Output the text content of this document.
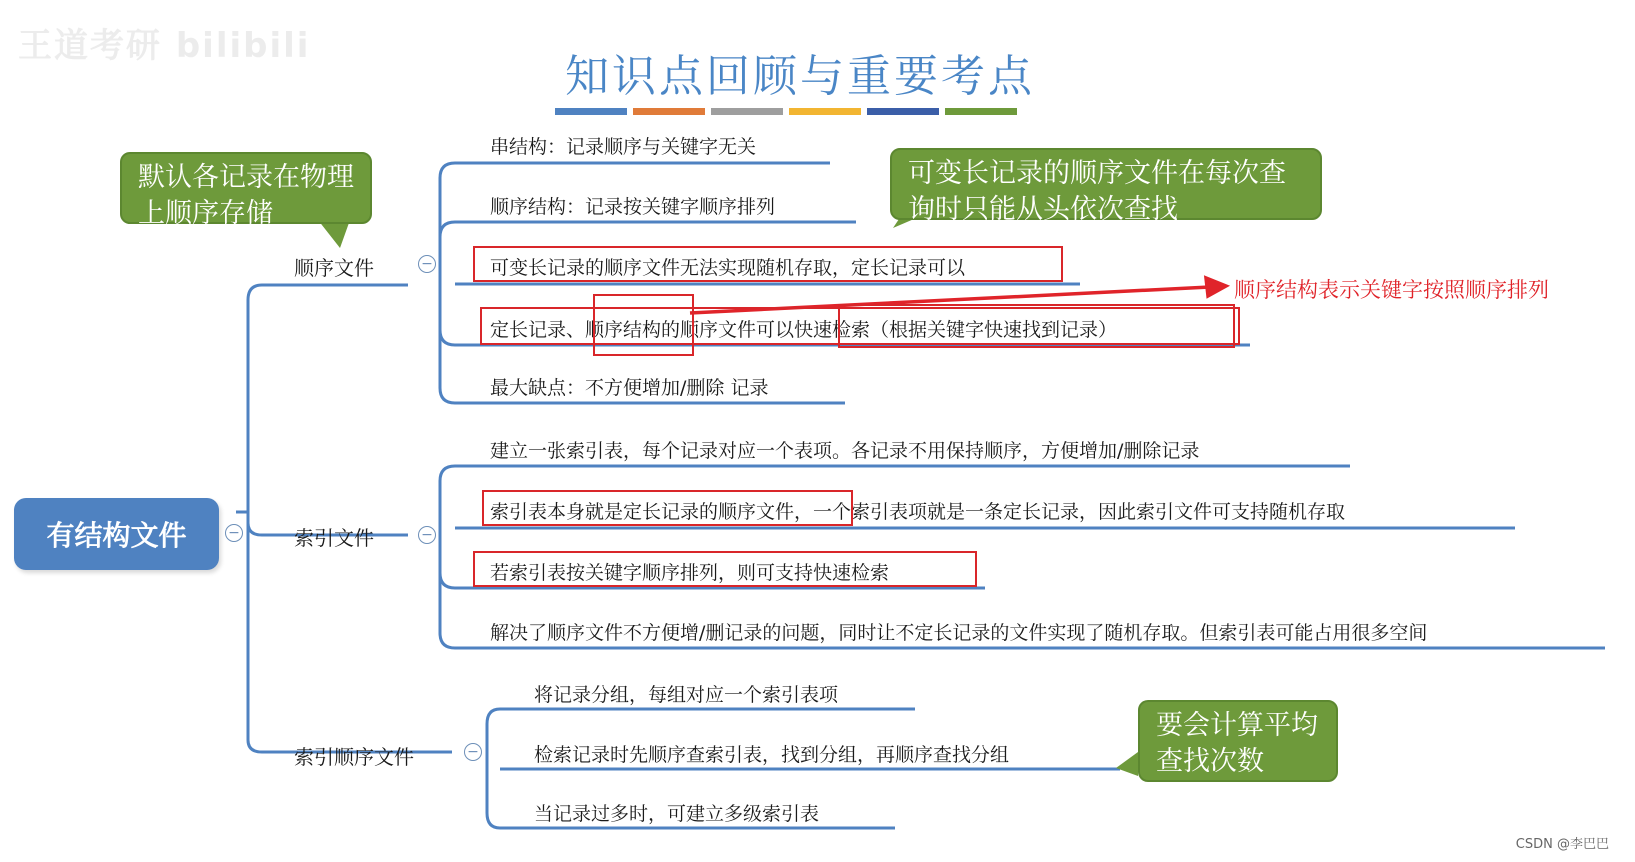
王道考研 bilibili
知识点回顾与重要考点
有结构文件	−
顺序文件	−
串结构：记录顺序与关键字无关
顺序结构：记录按关键字顺序排列
可变长记录的顺序文件无法实现随机存取，定长记录可以
定长记录、顺序结构的顺序文件可以快速检索（根据关键字快速找到记录）
最大缺点：不方便增加/删除 记录
顺序结构表示关键字按照顺序排列
索引文件	−
建立一张索引表，每个记录对应一个表项。各记录不用保持顺序，方便增加/删除记录
索引表本身就是定长记录的顺序文件，一个索引表项就是一条定长记录，因此索引文件可支持随机存取
若索引表按关键字顺序排列，则可支持快速检索
解决了顺序文件不方便增/删记录的问题，同时让不定长记录的文件实现了随机存取。但索引表可能占用很多空间
索引顺序文件	−
将记录分组，每组对应一个索引表项
检索记录时先顺序查索引表，找到分组，再顺序查找分组
当记录过多时，可建立多级索引表
默认各记录在物理上顺序存储
可变长记录的顺序文件在每次查询时只能从头依次查找
要会计算平均查找次数
CSDN @李巴巴
